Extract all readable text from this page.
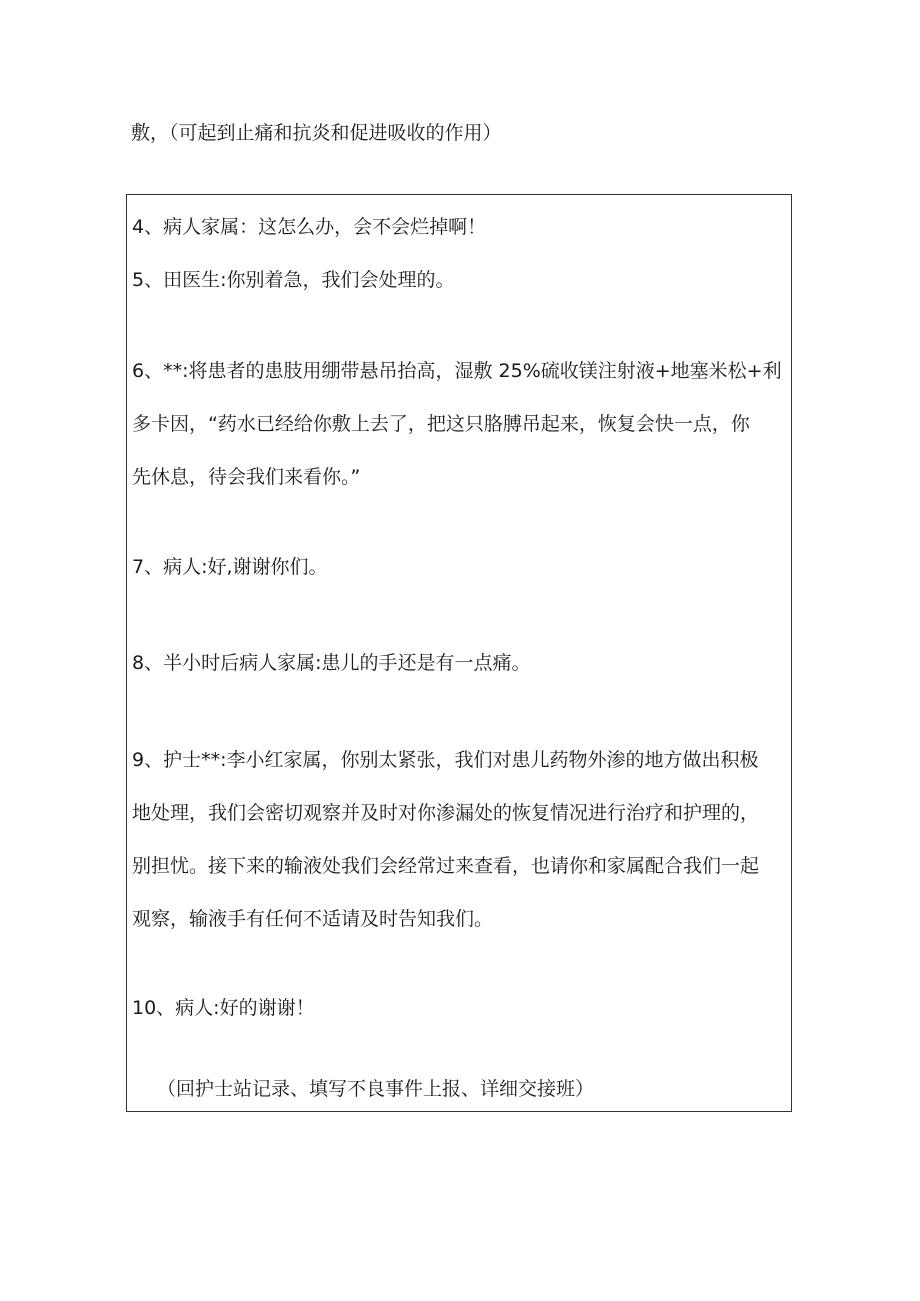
敷，（可起到止痛和抗炎和促进吸收的作用）
4、病人家属：这怎么办，会不会烂掉啊！
5、田医生:你别着急，我们会处理的。
6、**:将患者的患肢用绷带悬吊抬高，湿敷 25%硫收镁注射液+地塞米松+利
多卡因，“药水已经给你敷上去了，把这只胳膊吊起来，恢复会快一点，你
先休息，待会我们来看你。”
7、病人:好,谢谢你们。
8、半小时后病人家属:患儿的手还是有一点痛。
9、护士**:李小红家属，你别太紧张，我们对患儿药物外渗的地方做出积极
地处理，我们会密切观察并及时对你渗漏处的恢复情况进行治疗和护理的，
别担忧。接下来的输液处我们会经常过来查看，也请你和家属配合我们一起
观察，输液手有任何不适请及时告知我们。
10、病人:好的谢谢！
（回护士站记录、填写不良事件上报、详细交接班）
